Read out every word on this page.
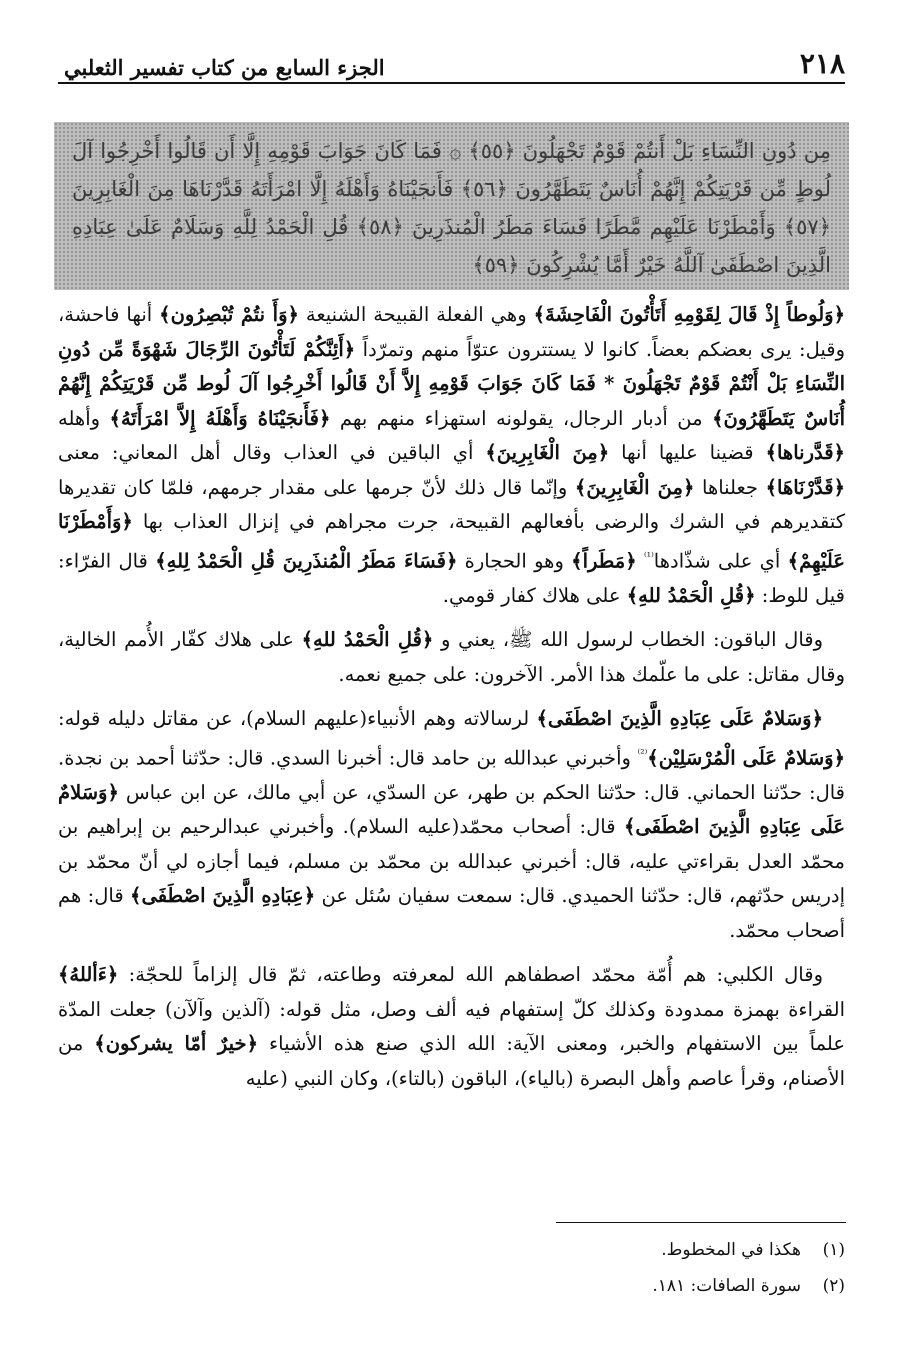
٢١٨
الجزء السابع من كتاب تفسير الثعلبي
مِن دُونِ النِّسَاءِ بَلْ أَنتُمْ قَوْمٌ تَجْهَلُونَ ﴿٥٥﴾ ۞ فَمَا كَانَ جَوَابَ قَوْمِهِ إِلَّا أَن قَالُوا أَخْرِجُوا آلَ لُوطٍ مِّن قَرْيَتِكُمْ إِنَّهُمْ أُنَاسٌ يَتَطَهَّرُونَ ﴿٥٦﴾ فَأَنجَيْنَاهُ وَأَهْلَهُ إِلَّا امْرَأَتَهُ قَدَّرْنَاهَا مِنَ الْغَابِرِينَ ﴿٥٧﴾ وَأَمْطَرْنَا عَلَيْهِم مَّطَرًا فَسَاءَ مَطَرُ الْمُنذَرِينَ ﴿٥٨﴾ قُلِ الْحَمْدُ لِلَّهِ وَسَلَامٌ عَلَىٰ عِبَادِهِ الَّذِينَ اصْطَفَىٰ آللَّهُ خَيْرٌ أَمَّا يُشْرِكُونَ ﴿٥٩﴾

﴿وَلُوطاً إِذْ قَالَ لِقَوْمِهِ أَتَأْتُونَ الْفَاحِشَةَ﴾ وهي الفعلة القبيحة الشنيعة ﴿وَأَ نتُمْ تُبْصِرُون﴾ أنها فاحشة، وقيل: يرى بعضكم بعضاً. كانوا لا يستترون عتوّاً منهم وتمرّداً ﴿أَئِنَّكُمْ لَتَأْتُونَ الرِّجَالَ شَهْوَةً مِّن دُونِ النِّسَاءِ بَلْ أَنْتُمْ قَوْمٌ تَجْهَلُونَ * فَمَا كَانَ جَوَابَ قَوْمِهِ إِلاَّ أَنْ قَالُوا أَخْرِجُوا آلَ لُوط مِّن قَرْيَتِكُمْ إِنَّهُمْ أُنَاسٌ يَتَطَهَّرُونَ﴾ من أدبار الرجال، يقولونه استهزاء منهم بهم ﴿فَأَنجَيْنَاهُ وَأَهْلَهُ إِلاَّ امْرَأَتَهُ﴾ وأهله ﴿قَدَّرناها﴾ قضينا عليها أنها ﴿مِنَ الْغَابِرِينَ﴾ أي الباقين في العذاب وقال أهل المعاني: معنى ﴿قَدَّرْنَاهَا﴾ جعلناها ﴿مِنَ الْغَابِرِينَ﴾ وإنّما قال ذلك لأنّ جرمها على مقدار جرمهم، فلمّا كان تقديرها كتقديرهم في الشرك والرضى بأفعالهم القبيحة، جرت مجراهم في إنزال العذاب بها ﴿وَأَمْطَرْنَا عَلَيْهِمْ﴾ أي على شذّادها$^{^{(1)}}$ ﴿مَطَراً﴾ وهو الحجارة ﴿فَسَاءَ مَطَرُ الْمُنذَرِينَ قُلِ الْحَمْدُ لِلهِ﴾ قال الفرّاء: قيل للوط: ﴿قُلِ الْحَمْدُ للهِ﴾ على هلاك كفار قومي.

وقال الباقون: الخطاب لرسول الله ﷺ، يعني و ﴿قُلِ الْحَمْدُ للهِ﴾ على هلاك كفّار الأُمم الخالية، وقال مقاتل: على ما علّمك هذا الأمر. الآخرون: على جميع نعمه.

﴿وَسَلامٌ عَلَى عِبَادِهِ الَّذِينَ اصْطَفَى﴾ لرسالاته وهم الأنبياء(عليهم السلام)، عن مقاتل دليله قوله: ﴿وَسَلامٌ عَلَى الْمُرْسَلِيْن﴾$^{^{(2)}}$ وأخبرني عبدالله بن حامد قال: أخبرنا السدي. قال: حدّثنا أحمد بن نجدة. قال: حدّثنا الحماني. قال: حدّثنا الحكم بن طهر، عن السدّي، عن أبي مالك، عن ابن عباس ﴿وَسَلامٌ عَلَى عِبَادِهِ الَّذِينَ اصْطَفَى﴾ قال: أصحاب محمّد(عليه السلام). وأخبرني عبدالرحيم بن إبراهيم بن محمّد العدل بقراءتي عليه، قال: أخبرني عبدالله بن محمّد بن مسلم، فيما أجازه لي أنّ محمّد بن إدريس حدّثهم، قال: حدّثنا الحميدي. قال: سمعت سفيان سُئل عن ﴿عِبَادِهِ الَّذِينَ اصْطَفَى﴾ قال: هم أصحاب محمّد.

وقال الكلبي: هم أُمّة محمّد اصطفاهم الله لمعرفته وطاعته، ثمّ قال إلزاماً للحجّة: ﴿ءَأللهُ﴾ القراءة بهمزة ممدودة وكذلك كلّ إستفهام فيه ألف وصل، مثل قوله: (آلذين وآلآن) جعلت المدّة علماً بين الاستفهام والخبر، ومعنى الآية: الله الذي صنع هذه الأشياء ﴿خيرٌ أمّا يشركون﴾ من الأصنام، وقرأ عاصم وأهل البصرة (بالياء)، الباقون (بالتاء)، وكان النبي (عليه

(١)    هكذا في المخطوط.
(٢)    سورة الصافات: ١٨١.
